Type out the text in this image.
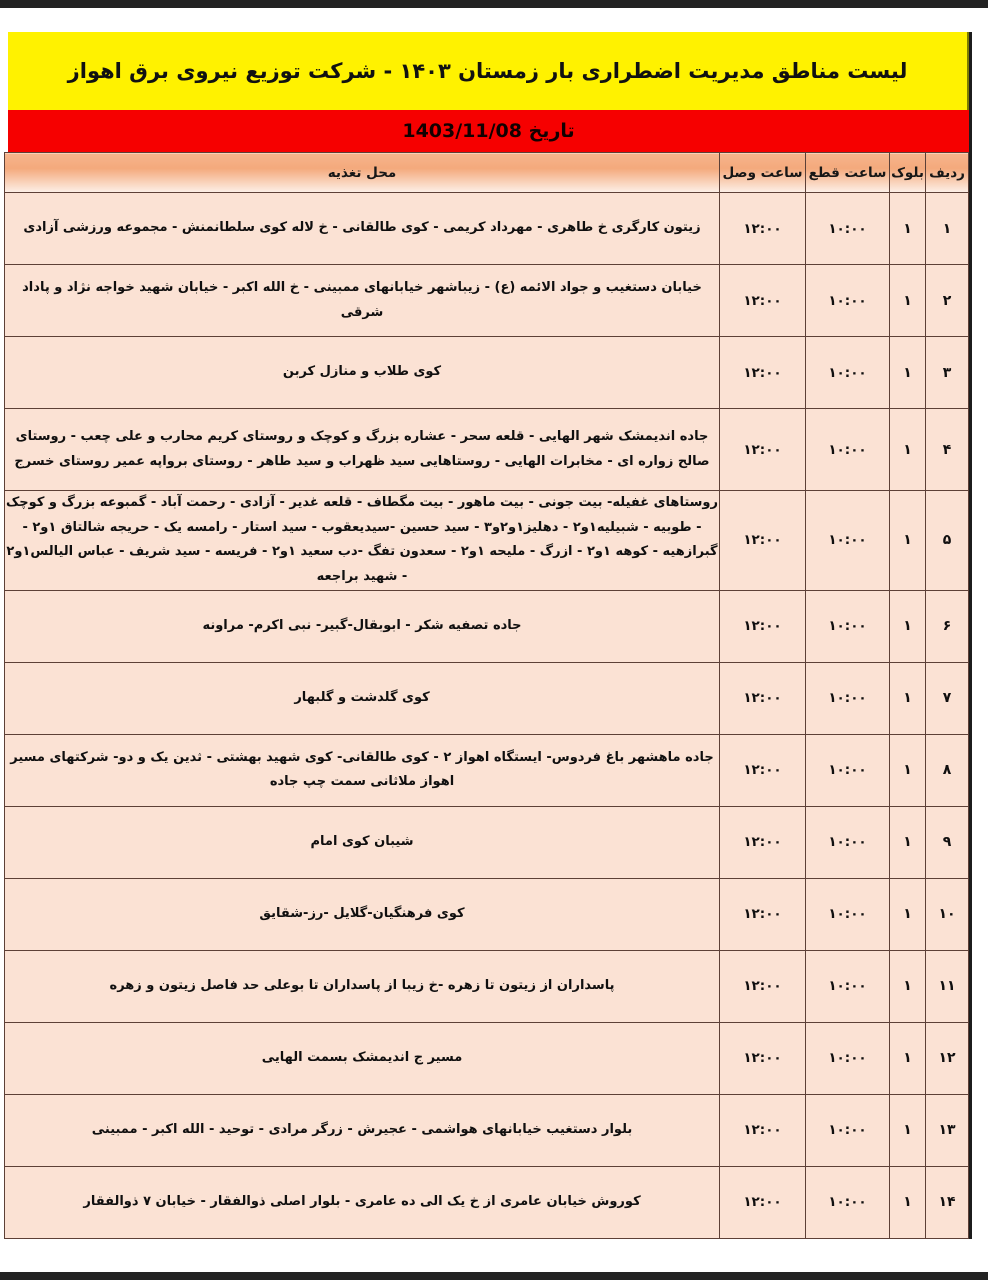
لیست مناطق مدیریت اضطراری بار زمستان ۱۴۰۳ - شرکت توزیع نیروی برق اهواز
تاریخ 1403/11/08
ردیف	بلوک	ساعت قطع	ساعت وصل	محل تغذیه
۱	۱	۱۰:۰۰	۱۲:۰۰	زیتون کارگری خ طاهری - مهرداد کریمی - کوی طالقانی - خ لاله کوی سلطانمنش - مجموعه ورزشی آزادی
۲	۱	۱۰:۰۰	۱۲:۰۰	خیابان دستغیب و جواد الائمه (ع) - زیباشهر خیابانهای ممبینی - خ الله اکبر - خیابان شهید خواجه نژاد و پاداد شرقی
۳	۱	۱۰:۰۰	۱۲:۰۰	کوی طلاب و منازل کربن
۴	۱	۱۰:۰۰	۱۲:۰۰	جاده اندیمشک شهر الهایی - قلعه سحر - عشاره بزرگ و کوچک و روستای کریم محارب و علی چعب - روستای صالح زواره ای - مخابرات الهایی - روستاهایی سید ظهراب و سید طاهر - روستای برواپه عمیر روستای خسرج
۵	۱	۱۰:۰۰	۱۲:۰۰	روستاهای غفیله- بیت جونی - بیت ماهور - بیت مگطاف - قلعه غدیر - آزادی - رحمت آباد - گمبوعه بزرگ و کوچک - طوبیه - شبیلیه۱و۲ - دهلیز۱و۲و۳ - سید حسین -سیدیعقوب - سید استار - رامسه یک - حریجه شالتاق ۱و۲ - گبرازهیه - کوهه ۱و۲ - ازرگ - ملیحه ۱و۲ - سعدون تفگ -دب سعید ۱و۲ - فریسه - سید شریف - عباس الیالس۱و۲ - شهید براجعه
۶	۱	۱۰:۰۰	۱۲:۰۰	جاده تصفیه شکر - ابوبقال-گبیر- نبی اکرم- مراونه
۷	۱	۱۰:۰۰	۱۲:۰۰	کوی گلدشت و گلبهار
۸	۱	۱۰:۰۰	۱۲:۰۰	جاده ماهشهر باغ فردوس- ایستگاه اهواز ۲ - کوی طالقانی- کوی شهید بهشتی - ثدین یک و دو- شرکتهای مسیر اهواز ملاثانی سمت چپ جاده
۹	۱	۱۰:۰۰	۱۲:۰۰	شیبان کوی امام
۱۰	۱	۱۰:۰۰	۱۲:۰۰	کوی فرهنگیان-گلایل -رز-شقایق
۱۱	۱	۱۰:۰۰	۱۲:۰۰	پاسداران از زیتون تا زهره -خ زیبا از پاسداران تا بوعلی حد فاصل زیتون و زهره
۱۲	۱	۱۰:۰۰	۱۲:۰۰	مسیر ج اندیمشک بسمت الهایی
۱۳	۱	۱۰:۰۰	۱۲:۰۰	بلوار دستغیب خیابانهای هواشمی - عجیرش - زرگر مرادی - توحید - الله اکبر - ممبینی
۱۴	۱	۱۰:۰۰	۱۲:۰۰	کوروش خیابان عامری از خ یک الی ده عامری - بلوار اصلی ذوالفقار - خیابان ۷ ذوالفقار
